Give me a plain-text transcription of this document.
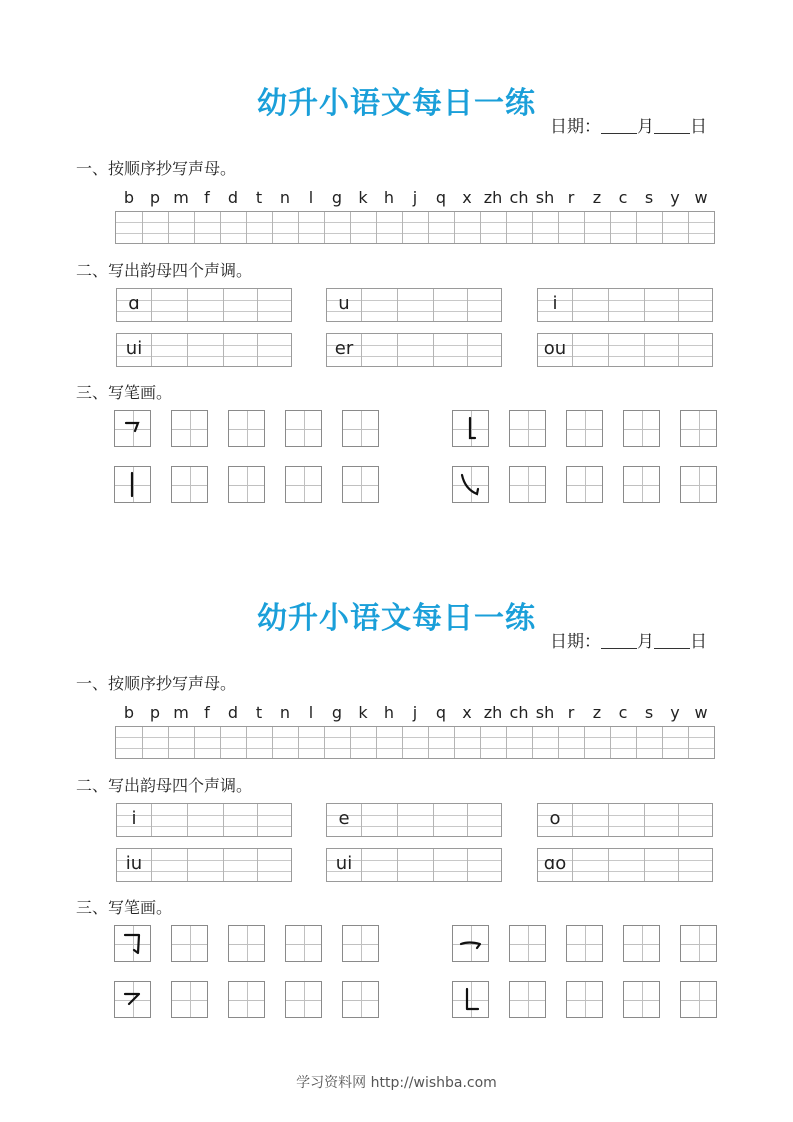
幼升小语文每日一练
日期： 月 日
一、按顺序抄写声母。
b p m f	d	t	n	l	g	k	h	j	q	x zh ch sh r	z	c	s	y w
二、写出韵母四个声调。
ɑ	u	i
ui	er	ou
三、写笔画。
幼升小语文每日一练
日期： 月 日
一、按顺序抄写声母。
b p m f	d	t	n	l	g	k	h	j	q	x zh ch sh r	z	c	s	y w
二、写出韵母四个声调。
i	e	o
iu	ui	ɑo
三、写笔画。
学习资料网 http://wishba.com
